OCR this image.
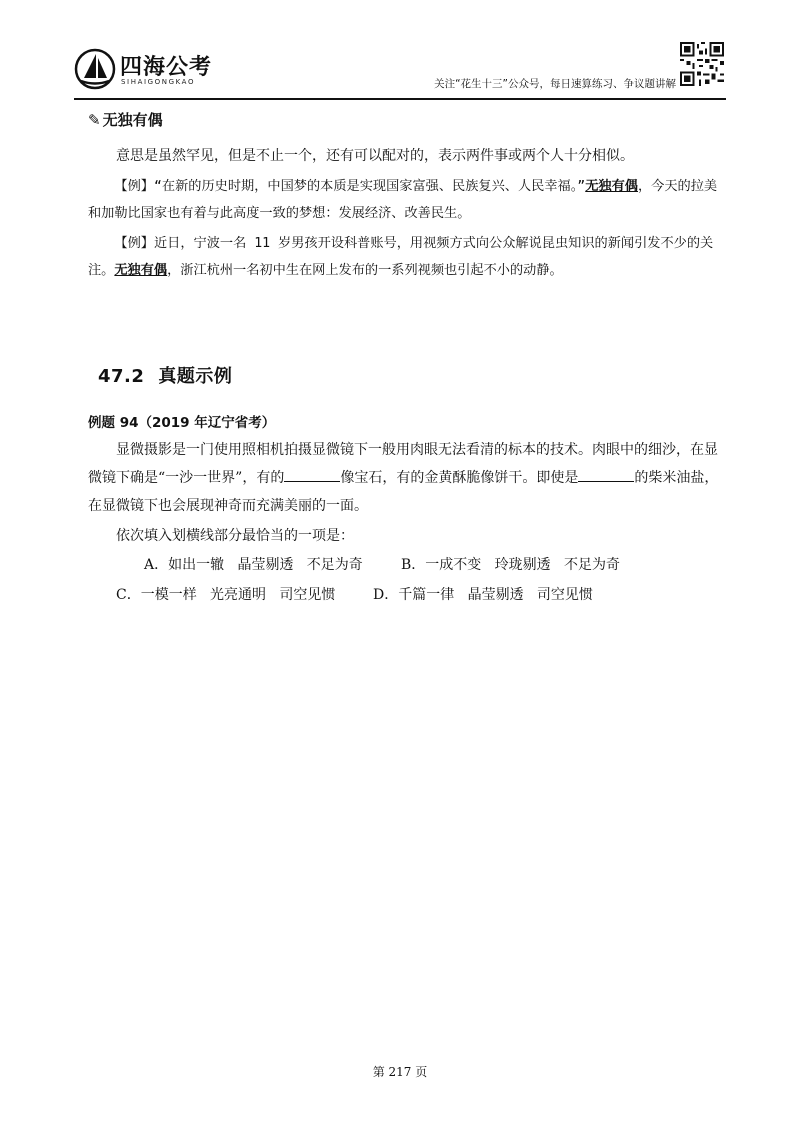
四海公考
SIHAIGONGKAO	关注“花生十三”公众号，每日速算练习、争议题讲解
✎ 无独有偶

意思是虽然罕见，但是不止一个，还有可以配对的，表示两件事或两个人十分相似。

【例】“在新的历史时期，中国梦的本质是实现国家富强、民族复兴、人民幸福。”无独有偶，今天的拉美和加勒比国家也有着与此高度一致的梦想：发展经济、改善民生。

【例】近日，宁波一名 11 岁男孩开设科普账号，用视频方式向公众解说昆虫知识的新闻引发不少的关注。无独有偶，浙江杭州一名初中生在网上发布的一系列视频也引起不小的动静。

47.2 真题示例
例题 94（2019 年辽宁省考）

显微摄影是一门使用照相机拍摄显微镜下一般用肉眼无法看清的标本的技术。肉眼中的细沙，在显微镜下确是“一沙一世界”，有的	像宝石，有的金黄酥脆像饼干。即使是	的柴米油盐，在显微镜下也会展现神奇而充满美丽的一面。

依次填入划横线部分最恰当的一项是：

A．如出一辙   晶莹剔透   不足为奇	B．一成不变   玲珑剔透   不足为奇
C．一模一样   光亮通明   司空见惯	D．千篇一律   晶莹剔透   司空见惯
第 217 页
